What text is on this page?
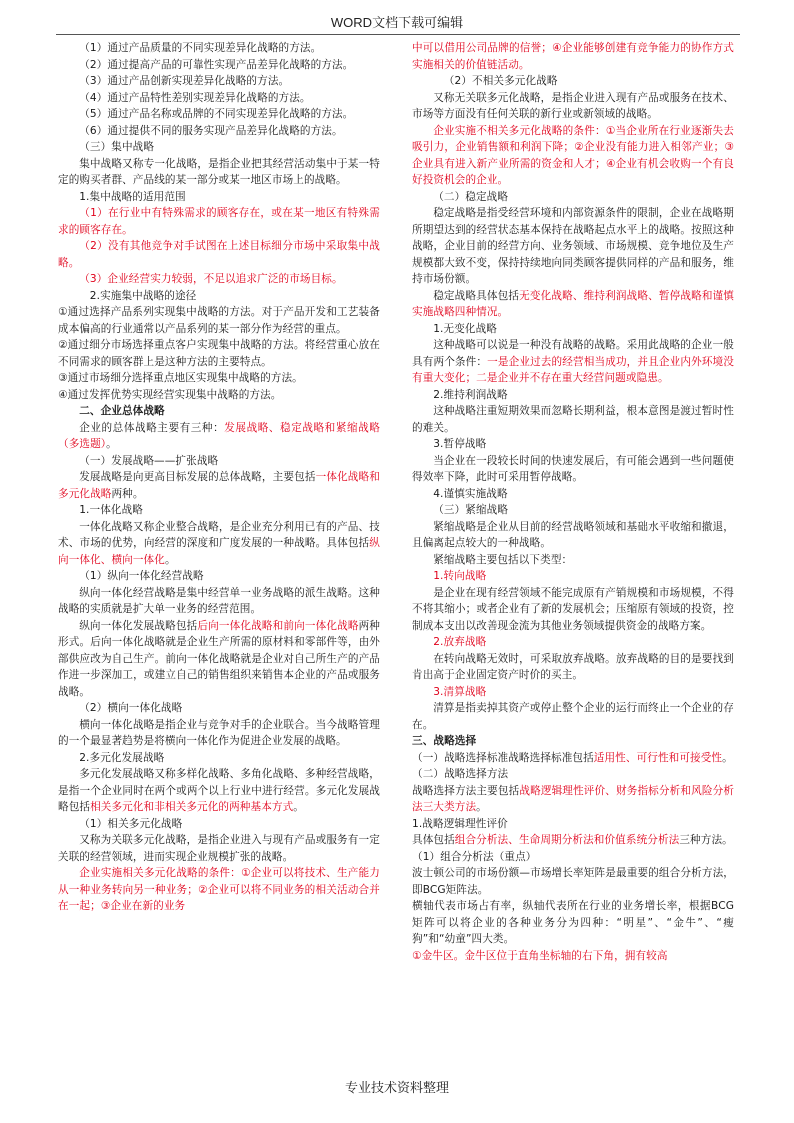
WORD文档下载可编辑

（1）通过产品质量的不同实现差异化战略的方法。

（2）通过提高产品的可靠性实现产品差异化战略的方法。

（3）通过产品创新实现差异化战略的方法。

（4）通过产品特性差别实现差异化战略的方法。

（5）通过产品名称或品牌的不同实现差异化战略的方法。

（6）通过提供不同的服务实现产品差异化战略的方法。

（三）集中战略

集中战略又称专一化战略，是指企业把其经营活动集中于某一特定的购买者群、产品线的某一部分或某一地区市场上的战略。

1.集中战略的适用范围

（1）在行业中有特殊需求的顾客存在，或在某一地区有特殊需求的顾客存在。

（2）没有其他竞争对手试图在上述目标细分市场中采取集中战略。

（3）企业经营实力较弱，不足以追求广泛的市场目标。

2.实施集中战略的途径

①通过选择产品系列实现集中战略的方法。对于产品开发和工艺装备成本偏高的行业通常以产品系列的某一部分作为经营的重点。

②通过细分市场选择重点客户实现集中战略的方法。将经营重心放在不同需求的顾客群上是这种方法的主要特点。

③通过市场细分选择重点地区实现集中战略的方法。

④通过发挥优势实现经营实现集中战略的方法。

二、企业总体战略

企业的总体战略主要有三种：发展战略、稳定战略和紧缩战略（多选题）。

（一）发展战略——扩张战略

发展战略是向更高目标发展的总体战略，主要包括一体化战略和多元化战略两种。

1.一体化战略

一体化战略又称企业整合战略，是企业充分利用已有的产品、技术、市场的优势，向经营的深度和广度发展的一种战略。具体包括纵向一体化、横向一体化。

（1）纵向一体化经营战略

纵向一体化经营战略是集中经营单一业务战略的派生战略。这种战略的实质就是扩大单一业务的经营范围。

纵向一体化发展战略包括后向一体化战略和前向一体化战略两种形式。后向一体化战略就是企业生产所需的原材料和零部件等，由外部供应改为自己生产。前向一体化战略就是企业对自己所生产的产品作进一步深加工，或建立自己的销售组织来销售本企业的产品或服务战略。

（2）横向一体化战略

横向一体化战略是指企业与竞争对手的企业联合。当今战略管理的一个最显著趋势是将横向一体化作为促进企业发展的战略。

2.多元化发展战略

多元化发展战略又称多样化战略、多角化战略、多种经营战略，是指一个企业同时在两个或两个以上行业中进行经营。多元化发展战略包括相关多元化和非相关多元化的两种基本方式。

（1）相关多元化战略

又称为关联多元化战略，是指企业进入与现有产品或服务有一定关联的经营领域，进而实现企业规模扩张的战略。

企业实施相关多元化战略的条件：①企业可以将技术、生产能力从一种业务转向另一种业务；②企业可以将不同业务的相关活动合并在一起；③企业在新的业务

中可以借用公司品牌的信誉；④企业能够创建有竞争能力的协作方式实施相关的价值链活动。

（2）不相关多元化战略

又称无关联多元化战略，是指企业进入现有产品或服务在技术、市场等方面没有任何关联的新行业或新领域的战略。

企业实施不相关多元化战略的条件：①当企业所在行业逐渐失去吸引力，企业销售额和利润下降；②企业没有能力进入相邻产业；③企业具有进入新产业所需的资金和人才；④企业有机会收购一个有良好投资机会的企业。

（二）稳定战略

稳定战略是指受经营环境和内部资源条件的限制，企业在战略期所期望达到的经营状态基本保持在战略起点水平上的战略。按照这种战略，企业目前的经营方向、业务领域、市场规模、竞争地位及生产规模都大致不变，保持持续地向同类顾客提供同样的产品和服务，维持市场份额。

稳定战略具体包括无变化战略、维持利润战略、暂停战略和谨慎实施战略四种情况。

1.无变化战略

这种战略可以说是一种没有战略的战略。采用此战略的企业一般具有两个条件：一是企业过去的经营相当成功，并且企业内外环境没有重大变化；二是企业并不存在重大经营问题或隐患。

2.维持利润战略

这种战略注重短期效果而忽略长期利益，根本意图是渡过暂时性的难关。

3.暂停战略

当企业在一段较长时间的快速发展后，有可能会遇到一些问题使得效率下降，此时可采用暂停战略。

4.谨慎实施战略

（三）紧缩战略

紧缩战略是企业从目前的经营战略领域和基础水平收缩和撤退，且偏离起点较大的一种战略。

紧缩战略主要包括以下类型：

1.转向战略

是企业在现有经营领域不能完成原有产销规模和市场规模，不得不将其缩小；或者企业有了新的发展机会；压缩原有领域的投资，控制成本支出以改善现金流为其他业务领域提供资金的战略方案。

2.放弃战略

在转向战略无效时，可采取放弃战略。放弃战略的目的是要找到肯出高于企业固定资产时价的买主。

3.清算战略

清算是指卖掉其资产或停止整个企业的运行而终止一个企业的存在。

三、战略选择

（一）战略选择标准战略选择标准包括适用性、可行性和可接受性。

（二）战略选择方法

战略选择方法主要包括战略逻辑理性评价、财务指标分析和风险分析法三大类方法。

1.战略逻辑理性评价

具体包括组合分析法、生命周期分析法和价值系统分析法三种方法。

（1）组合分析法（重点）

波士顿公司的市场份额—市场增长率矩阵是最重要的组合分析方法，即BCG矩阵法。

横轴代表市场占有率，纵轴代表所在行业的业务增长率，根据BCG矩阵可以将企业的各种业务分为四种：“明星”、“金牛”、“瘦狗”和“幼童”四大类。

①金牛区。金牛区位于直角坐标轴的右下角，拥有较高

专业技术资料整理
